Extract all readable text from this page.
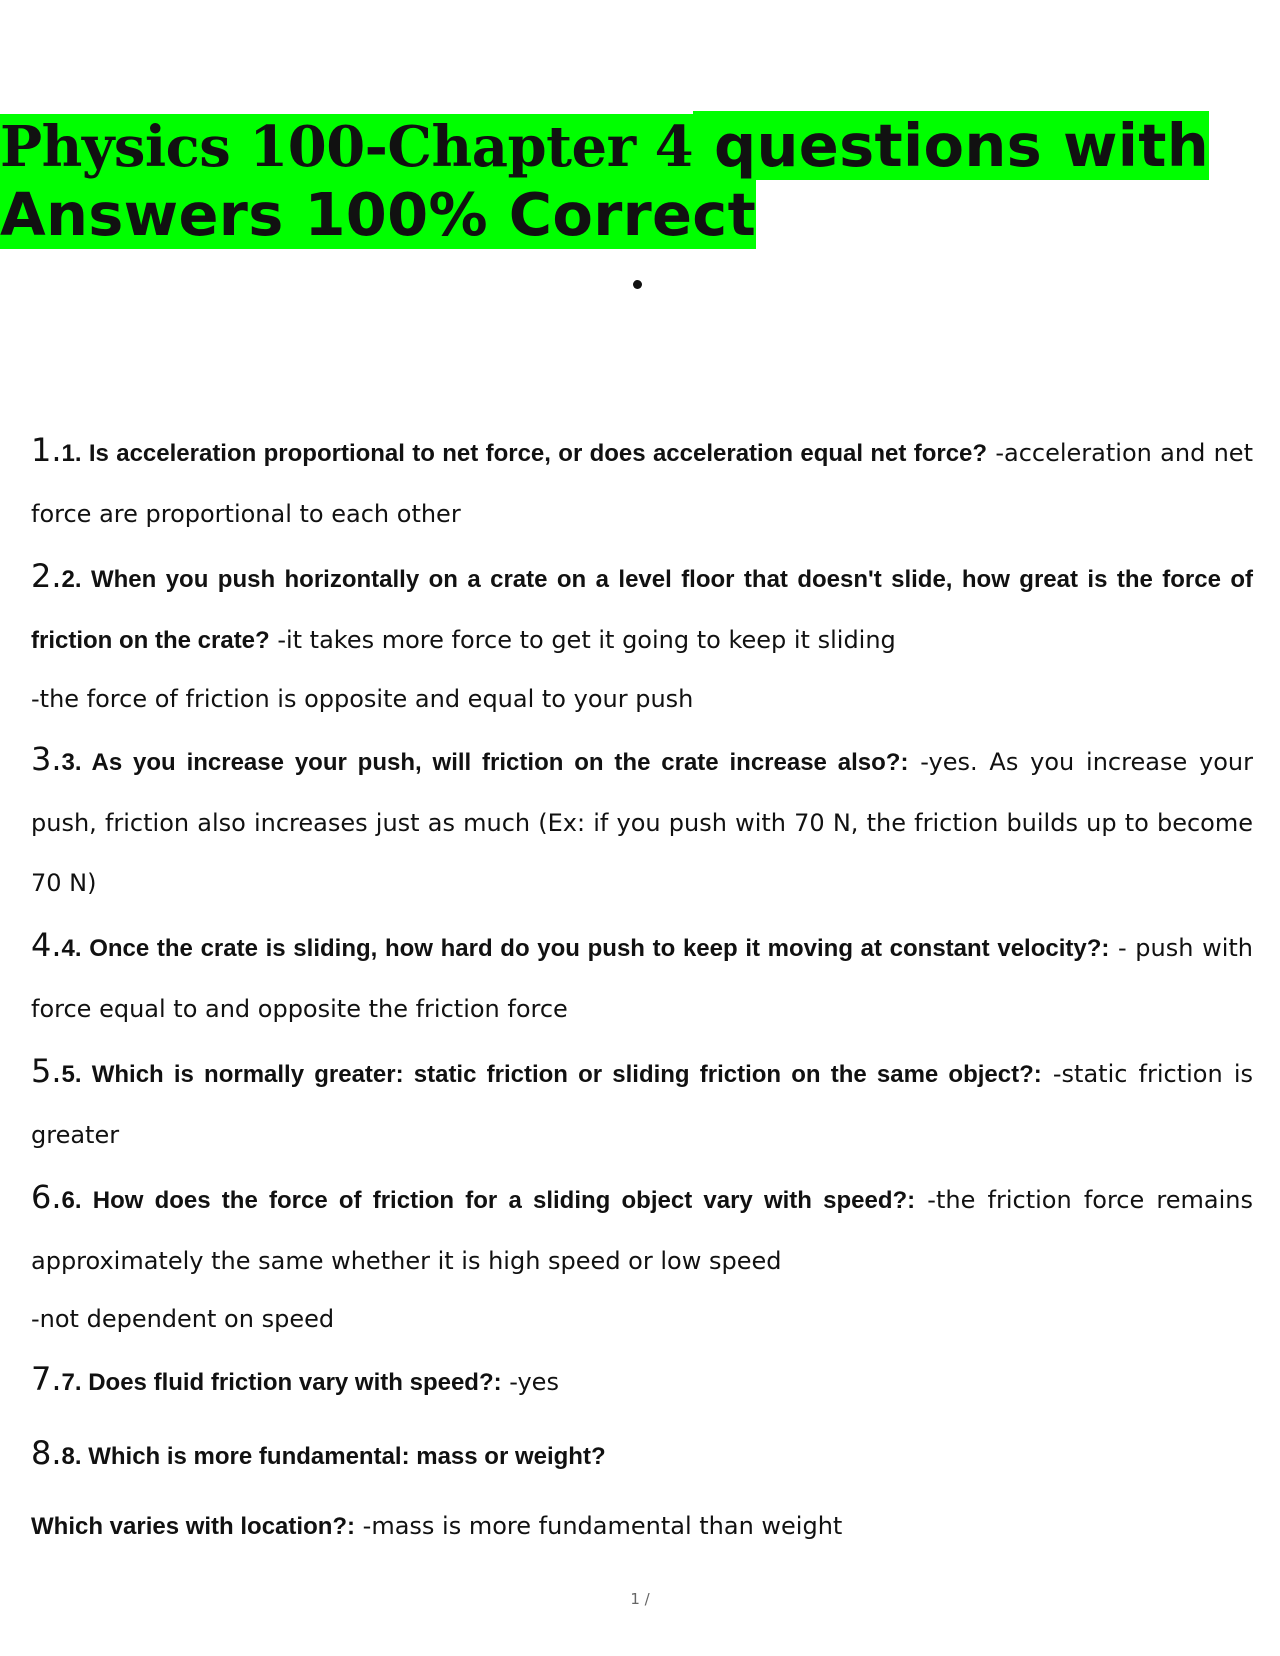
Physics 100-Chapter 4 questions with
Answers 100% Correct

1.1. Is acceleration proportional to net force, or does acceleration equal net force? -acceleration and net force are proportional to each other

2.2. When you push horizontally on a crate on a level floor that doesn't slide, how great is the force of friction on the crate? -it takes more force to get it going to keep it sliding
-the force of friction is opposite and equal to your push

3.3. As you increase your push, will friction on the crate increase also?: -yes. As you increase your push, friction also increases just as much (Ex: if you push with 70 N, the friction builds up to become 70 N)

4.4. Once the crate is sliding, how hard do you push to keep it moving at constant velocity?: - push with force equal to and opposite the friction force

5.5. Which is normally greater: static friction or sliding friction on the same object?: -static friction is greater

6.6. How does the force of friction for a sliding object vary with speed?: -the friction force remains approximately the same whether it is high speed or low speed
-not dependent on speed

7.7. Does fluid friction vary with speed?: -yes

8.8. Which is more fundamental: mass or weight?
Which varies with location?: -mass is more fundamental than weight

1 /
